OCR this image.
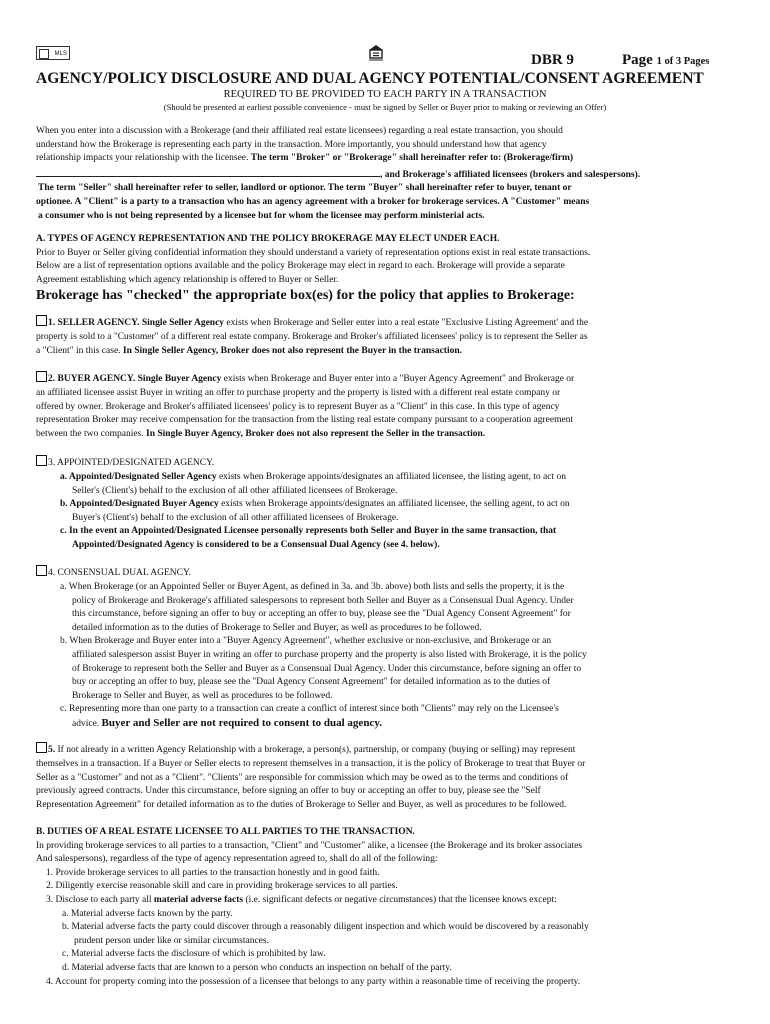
MLS	DBR 9	Page 1 of 3 Pages
AGENCY/POLICY DISCLOSURE AND DUAL AGENCY POTENTIAL/CONSENT AGREEMENT
REQUIRED TO BE PROVIDED TO EACH PARTY IN A TRANSACTION
(Should be presented at earliest possible convenience - must be signed by Seller or Buyer prior to making or reviewing an Offer)
When you enter into a discussion with a Brokerage (and their affiliated real estate licensees) regarding a real estate transaction, you should
understand how the Brokerage is representing each party in the transaction. More importantly, you should understand how that agency
relationship impacts your relationship with the licensee. The term "Broker" or "Brokerage" shall hereinafter refer to: (Brokerage/firm)
, and Brokerage's affiliated licensees (brokers and salespersons).
The term "Seller" shall hereinafter refer to seller, landlord or optionor. The term "Buyer" shall hereinafter refer to buyer, tenant or
optionee. A "Client" is a party to a transaction who has an agency agreement with a broker for brokerage services. A "Customer" means
a consumer who is not being represented by a licensee but for whom the licensee may perform ministerial acts.
A. TYPES OF AGENCY REPRESENTATION AND THE POLICY BROKERAGE MAY ELECT UNDER EACH.
Prior to Buyer or Seller giving confidential information they should understand a variety of representation options exist in real estate transactions.
Below are a list of representation options available and the policy Brokerage may elect in regard to each. Brokerage will provide a separate
Agreement establishing which agency relationship is offered to Buyer or Seller.
Brokerage has "checked" the appropriate box(es) for the policy that applies to Brokerage:
1. SELLER AGENCY. Single Seller Agency exists when Brokerage and Seller enter into a real estate "Exclusive Listing Agreement' and the
property is sold to a "Customer" of a different real estate company. Brokerage and Broker's affiliated licensees' policy is to represent the Seller as
a "Client" in this case. In Single Seller Agency, Broker does not also represent the Buyer in the transaction.
2. BUYER AGENCY. Single Buyer Agency exists when Brokerage and Buyer enter into a "Buyer Agency Agreement" and Brokerage or
an affiliated licensee assist Buyer in writing an offer to purchase property and the property is listed with a different real estate company or
offered by owner. Brokerage and Broker's affiliated licensees' policy is to represent Buyer as a "Client" in this case. In this type of agency
representation Broker may receive compensation for the transaction from the listing real estate company pursuant to a cooperation agreement
between the two companies. In Single Buyer Agency, Broker does not also represent the Seller in the transaction.
3. APPOINTED/DESIGNATED AGENCY.
a. Appointed/Designated Seller Agency exists when Brokerage appoints/designates an affiliated licensee, the listing agent, to act on
Seller's (Client's) behalf to the exclusion of all other affiliated licensees of Brokerage.
b. Appointed/Designated Buyer Agency exists when Brokerage appoints/designates an affiliated licensee, the selling agent, to act on
Buyer's (Client's) behalf to the exclusion of all other affiliated licensees of Brokerage.
c. In the event an Appointed/Designated Licensee personally represents both Seller and Buyer in the same transaction, that
Appointed/Designated Agency is considered to be a Consensual Dual Agency (see 4. below).
4. CONSENSUAL DUAL AGENCY.
a. When Brokerage (or an Appointed Seller or Buyer Agent, as defined in 3a. and 3b. above) both lists and sells the property, it is the
policy of Brokerage and Brokerage's affiliated salespersons to represent both Seller and Buyer as a Consensual Dual Agency. Under
this circumstance, before signing an offer to buy or accepting an offer to buy, please see the "Dual Agency Consent Agreement" for
detailed information as to the duties of Brokerage to Seller and Buyer, as well as procedures to be followed.
b. When Brokerage and Buyer enter into a "Buyer Agency Agreement", whether exclusive or non-exclusive, and Brokerage or an
affiliated salesperson assist Buyer in writing an offer to purchase property and the property is also listed with Brokerage, it is the policy
of Brokerage to represent both the Seller and Buyer as a Consensual Dual Agency. Under this circumstance, before signing an offer to
buy or accepting an offer to buy, please see the "Dual Agency Consent Agreement" for detailed information as to the duties of
Brokerage to Seller and Buyer, as well as procedures to be followed.
c. Representing more than one party to a transaction can create a conflict of interest since both "Clients" may rely on the Licensee's
advice. Buyer and Seller are not required to consent to dual agency.
5. If not already in a written Agency Relationship with a brokerage, a person(s), partnership, or company (buying or selling) may represent
themselves in a transaction. If a Buyer or Seller elects to represent themselves in a transaction, it is the policy of Brokerage to treat that Buyer or
Seller as a "Customer" and not as a "Client". "Clients" are responsible for commission which may be owed as to the terms and conditions of
previously agreed contracts. Under this circumstance, before signing an offer to buy or accepting an offer to buy, please see the "Self
Representation Agreement" for detailed information as to the duties of Brokerage to Seller and Buyer, as well as procedures to be followed.
B. DUTIES OF A REAL ESTATE LICENSEE TO ALL PARTIES TO THE TRANSACTION.
In providing brokerage services to all parties to a transaction, "Client" and "Customer" alike, a licensee (the Brokerage and its broker associates
And salespersons), regardless of the type of agency representation agreed to, shall do all of the following:
1. Provide brokerage services to all parties to the transaction honestly and in good faith.
2. Diligently exercise reasonable skill and care in providing brokerage services to all parties.
3. Disclose to each party all material adverse facts (i.e. significant defects or negative circumstances) that the licensee knows except:
a. Material adverse facts known by the party.
b. Material adverse facts the party could discover through a reasonably diligent inspection and which would be discovered by a reasonably
prudent person under like or similar circumstances.
c. Material adverse facts the disclosure of which is prohibited by law.
d. Material adverse facts that are known to a person who conducts an inspection on behalf of the party.
4. Account for property coming into the possession of a licensee that belongs to any party within a reasonable time of receiving the property.
